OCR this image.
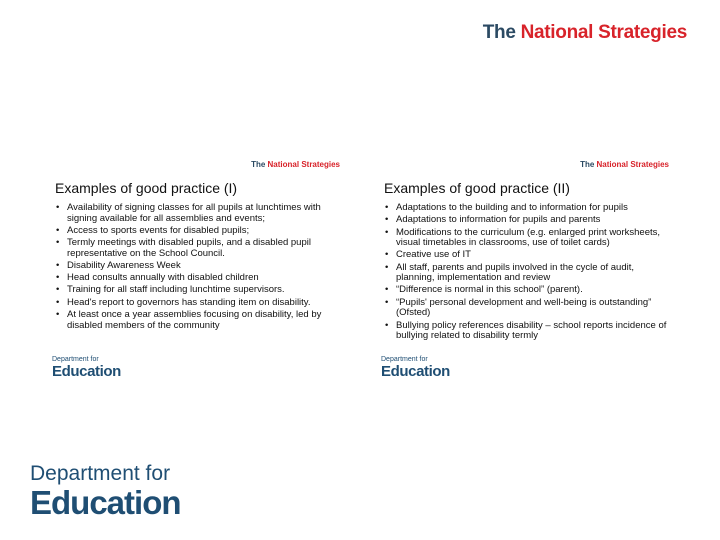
The National Strategies
The National Strategies
Examples of good practice (I)
• Availability of signing classes for all pupils at lunchtimes with signing available for all assemblies and events;
• Access to sports events for disabled pupils;
• Termly meetings with disabled pupils, and a disabled pupil representative on the School Council.
• Disability Awareness Week
• Head consults annually with disabled children
• Training for all staff including lunchtime supervisors.
• Head's report to governors has standing item on disability.
• At least once a year assemblies focusing on disability, led by disabled members of the community
Department for
Education
The National Strategies
Examples of good practice (II)
• Adaptations to the building and to information for pupils
• Adaptations to information for pupils and parents
• Modifications to the curriculum (e.g. enlarged print worksheets, visual timetables in classrooms, use of toilet cards)
• Creative use of IT
• All staff, parents and pupils involved in the cycle of audit, planning, implementation and review
• “Difference is normal in this school” (parent).
• “Pupils' personal development and well-being is outstanding” (Ofsted)
• Bullying policy references disability – school reports incidence of bullying related to disability termly
Department for
Education
Department for
Education
